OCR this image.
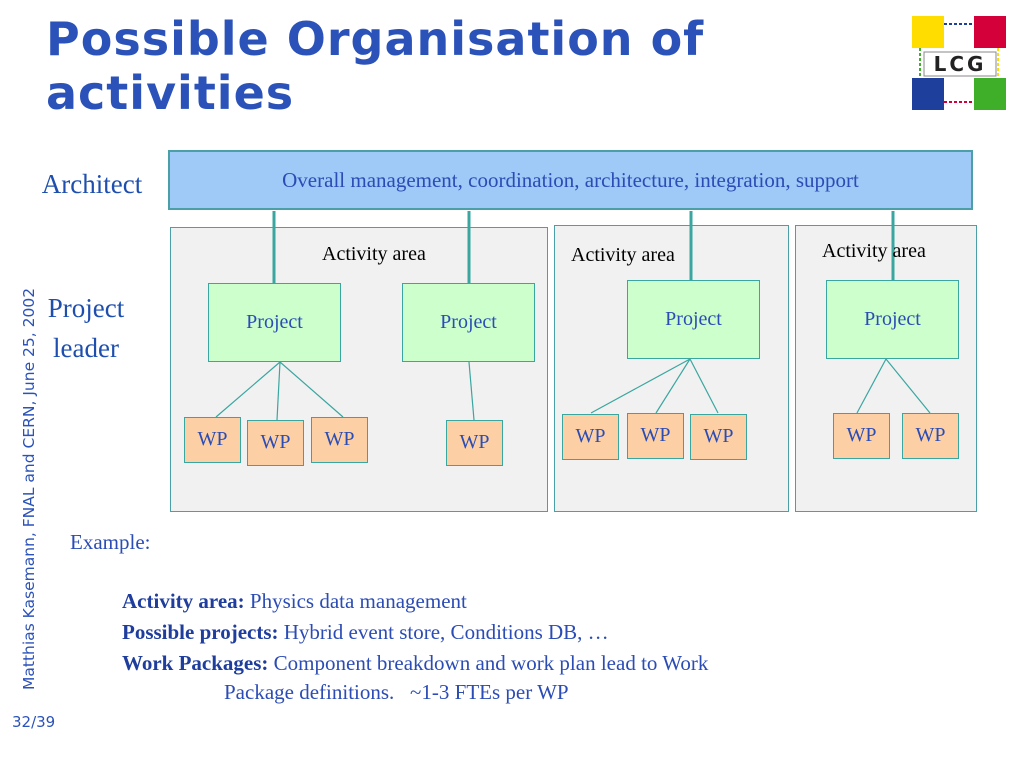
Possible Organisation of activities
LCG
Matthias Kasemann, FNAL and CERN, June 25, 2002
32/39
Architect
Project
leader
Overall management, coordination, architecture, integration, support
Activity area	Activity area	Activity area
Project	Project	Project	Project
WP	WP	WP	WP	WP	WP	WP	WP	WP
Example:
Activity area: Physics data management
Possible projects: Hybrid event store, Conditions DB, …
Work Packages: Component breakdown and work plan lead to Work
Package definitions.   ~1-3 FTEs per WP
